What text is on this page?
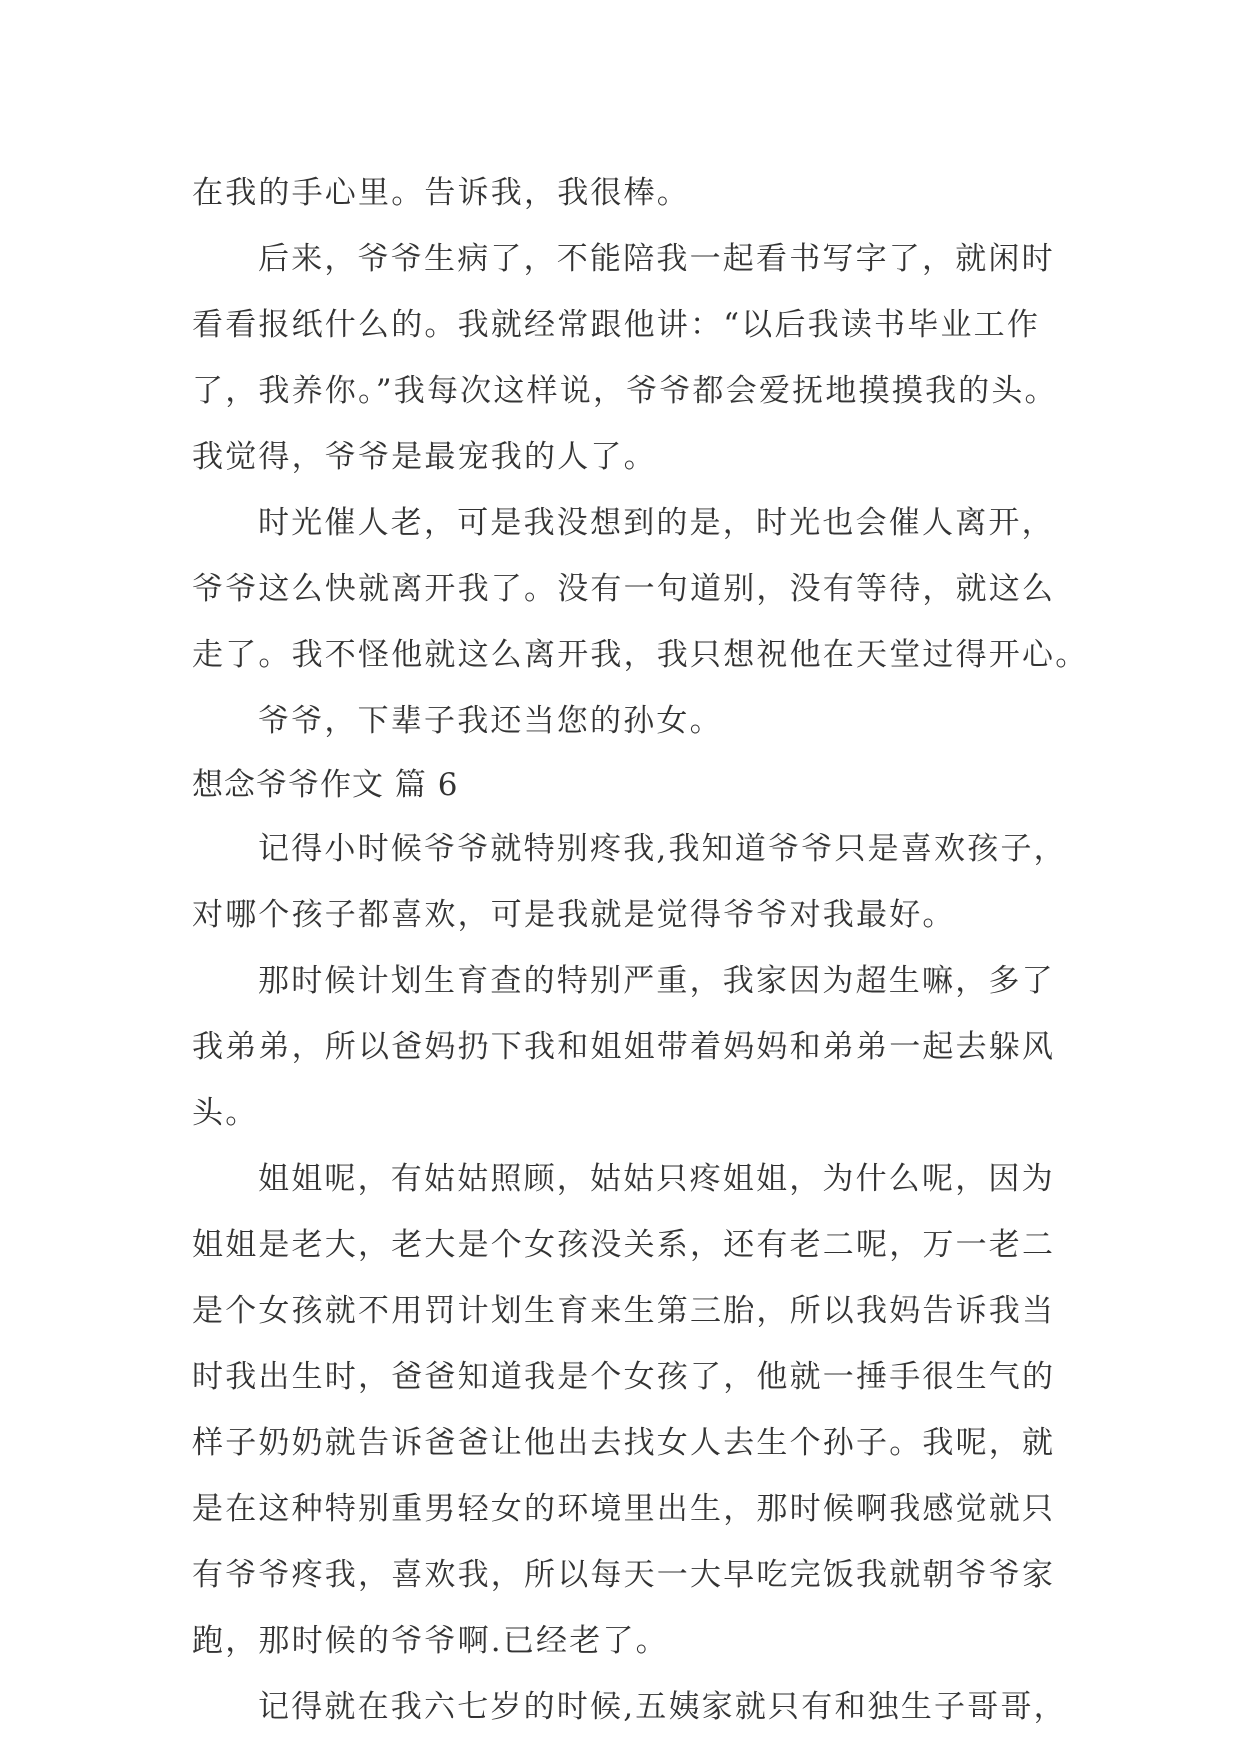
在我的手心里。告诉我，我很棒。
后来，爷爷生病了，不能陪我一起看书写字了，就闲时
看看报纸什么的。我就经常跟他讲：“以后我读书毕业工作
了，我养你。”我每次这样说，爷爷都会爱抚地摸摸我的头。
我觉得，爷爷是最宠我的人了。
时光催人老，可是我没想到的是，时光也会催人离开，
爷爷这么快就离开我了。没有一句道别，没有等待，就这么
走了。我不怪他就这么离开我，我只想祝他在天堂过得开心。
爷爷，下辈子我还当您的孙女。
想念爷爷作文 篇 6
记得小时候爷爷就特别疼我,我知道爷爷只是喜欢孩子，
对哪个孩子都喜欢，可是我就是觉得爷爷对我最好。
那时候计划生育查的特别严重，我家因为超生嘛，多了
我弟弟，所以爸妈扔下我和姐姐带着妈妈和弟弟一起去躲风
头。
姐姐呢，有姑姑照顾，姑姑只疼姐姐，为什么呢，因为
姐姐是老大，老大是个女孩没关系，还有老二呢，万一老二
是个女孩就不用罚计划生育来生第三胎，所以我妈告诉我当
时我出生时，爸爸知道我是个女孩了，他就一捶手很生气的
样子奶奶就告诉爸爸让他出去找女人去生个孙子。我呢，就
是在这种特别重男轻女的环境里出生，那时候啊我感觉就只
有爷爷疼我，喜欢我，所以每天一大早吃完饭我就朝爷爷家
跑，那时候的爷爷啊.已经老了。
记得就在我六七岁的时候,五姨家就只有和独生子哥哥，
